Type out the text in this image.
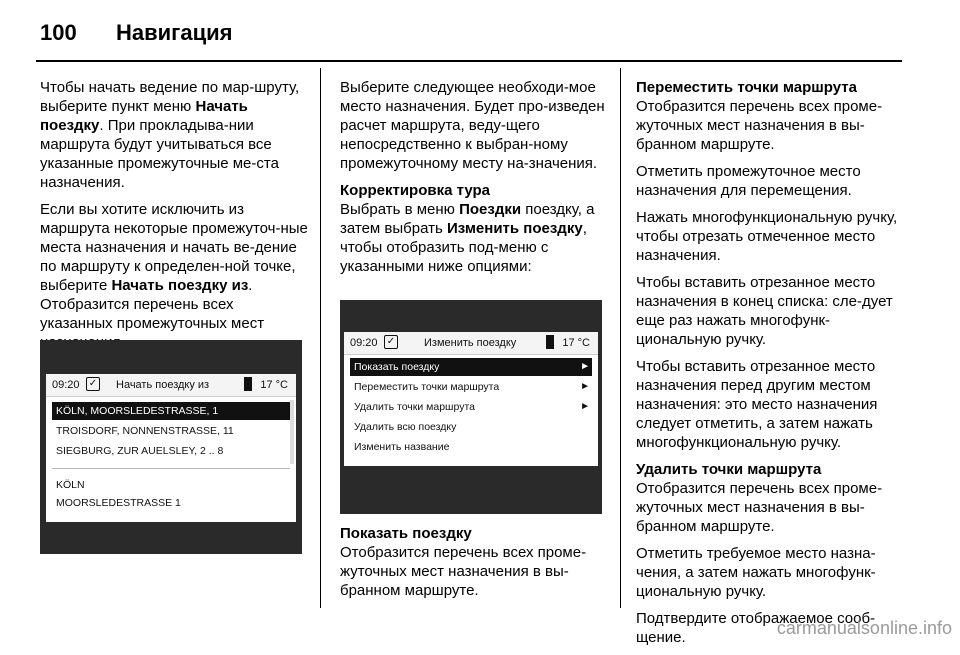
100 Навигация

Чтобы начать ведение по мар-шруту, выберите пункт меню Начать поездку. При прокладыва-нии маршрута будут учитываться все указанные промежуточные ме-ста назначения.

Если вы хотите исключить из маршрута некоторые промежуточ-ные места назначения и начать ве-дение по маршруту к определен-ной точке, выберите Начать поездку из. Отобразится перечень всех указанных промежуточных мест

09:20 ✓ Начать поездку из	17 °C
KÖLN, MOORSLEDESTRASSE, 1
TROISDORF, NONNENSTRASSE, 11
SIEGBURG, ZUR AUELSLEY, 2 .. 8
KÖLN
MOORSLEDESTRASSE 1

Выберите следующее необходи-мое место назначения. Будет про-изведен расчет маршрута, веду-щего непосредственно к выбран-ному промежуточному месту на-значения.

Корректировка тура

Выбрать в меню Поездки поездку, а затем выбрать Изменить поездку, чтобы отобразить под-меню с указанными ниже опциями:

09:20 ✓	Изменить поездку	17 °C
Показать поездку	►
Переместить точки маршрута	►
Удалить точки маршрута	►
Удалить всю поездку
Изменить название
Показать поездку

Отобразится перечень всех проме-жуточных мест назначения в вы-бранном маршруте.

Переместить точки маршрута

Отобразится перечень всех проме-жуточных мест назначения в вы-бранном маршруте.

Отметить промежуточное место назначения для перемещения.

Нажать многофункциональную ручку, чтобы отрезать отмеченное место назначения.

Чтобы вставить отрезанное место назначения в конец списка: сле-дует еще раз нажать многофунк-циональную ручку.

Чтобы вставить отрезанное место назначения перед другим местом назначения: это место назначения следует отметить, а затем нажать многофункциональную ручку.

Удалить точки маршрута

Отобразится перечень всех проме-жуточных мест назначения в вы-бранном маршруте.

Отметить требуемое место назна-чения, а затем нажать многофунк-циональную ручку.

Подтвердите отображаемое сооб-щение.	carmanualsonline.info
